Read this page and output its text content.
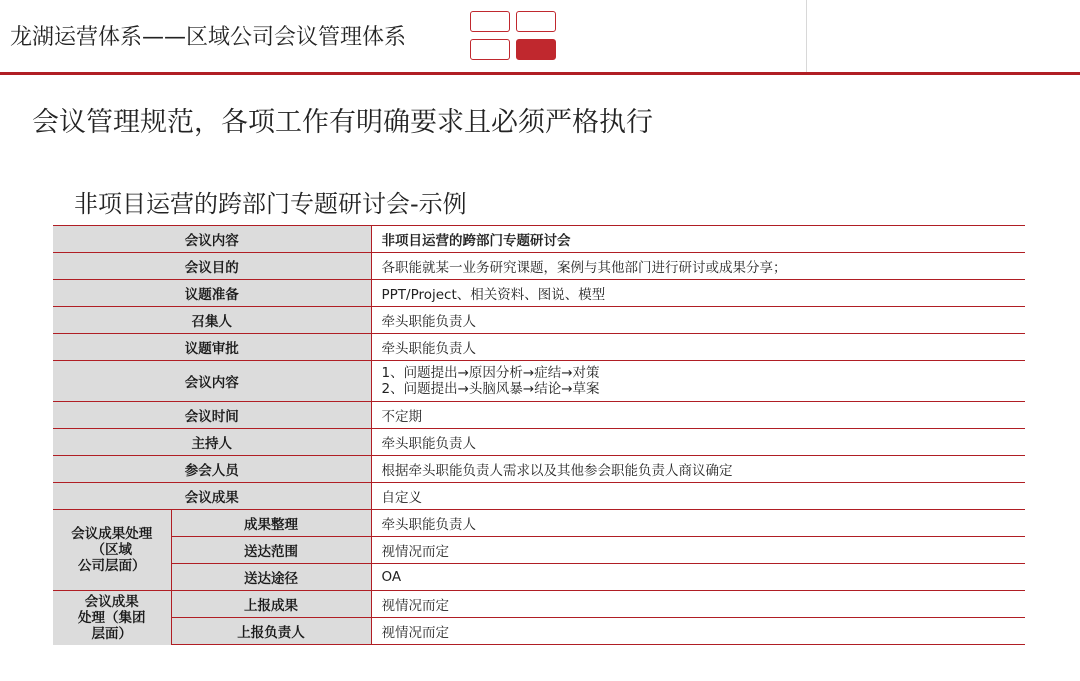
龙湖运营体系——区域公司会议管理体系
会议管理规范，各项工作有明确要求且必须严格执行
非项目运营的跨部门专题研讨会-示例
会议内容		非项目运营的跨部门专题研讨会
会议目的		各职能就某一业务研究课题，案例与其他部门进行研讨或成果分享；
议题准备		PPT/Project、相关资料、图说、模型
召集人		牵头职能负责人
议题审批		牵头职能负责人
会议内容		1、问题提出→原因分析→症结→对策
2、问题提出→头脑风暴→结论→草案

会议时间		不定期
主持人		牵头职能负责人
参会人员		根据牵头职能负责人需求以及其他参会职能负责人商议确定
会议成果		自定义

会议成果处理
（区域
公司层面）	成果整理	牵头职能负责人
	送达范围	视情况而定
	送达途径	OA

会议成果
处理（集团
层面）	上报成果	视情况而定
	上报负责人	视情况而定
